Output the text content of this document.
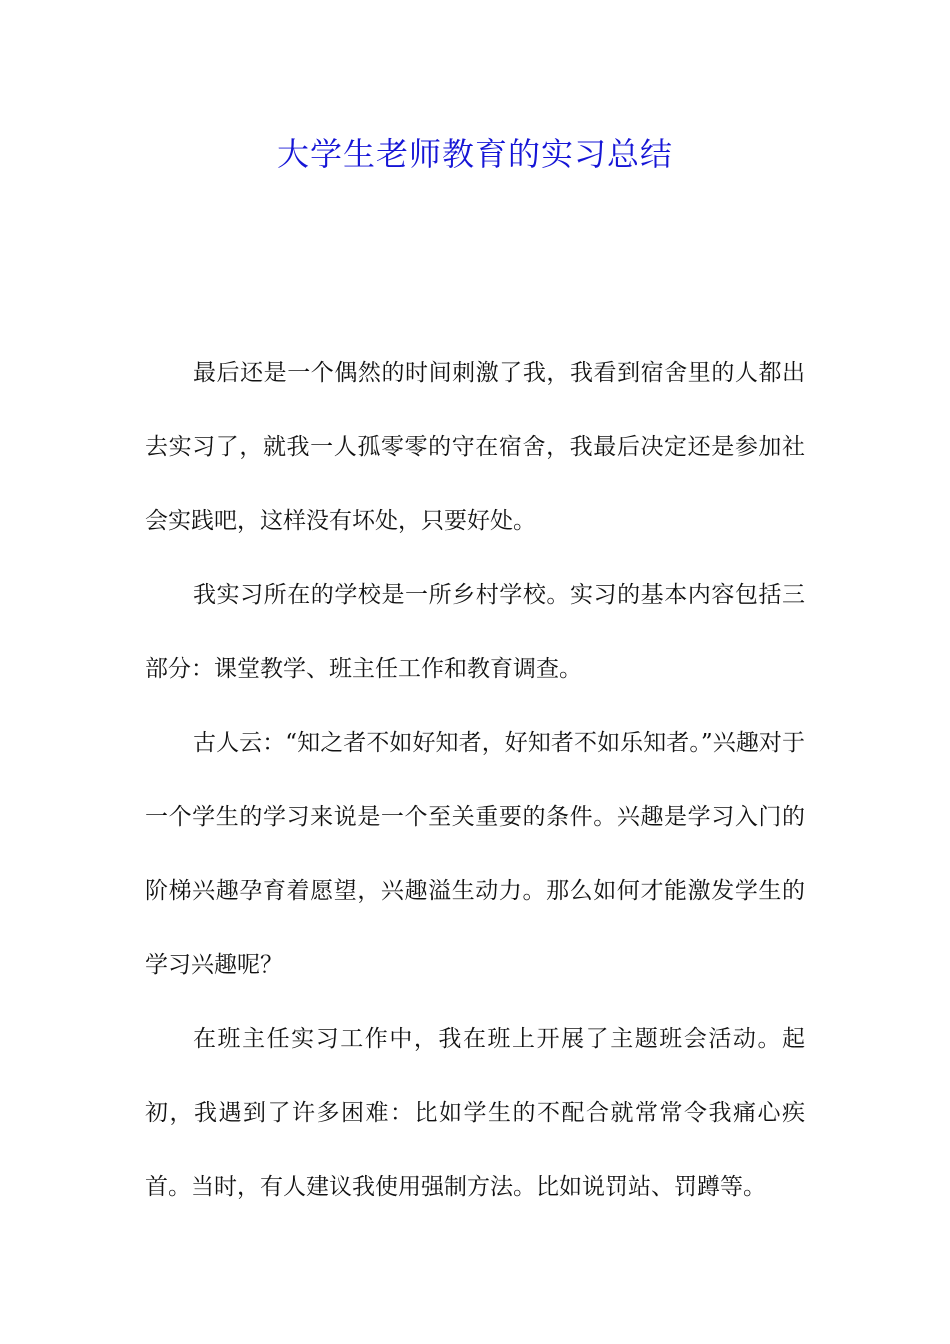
大学生老师教育的实习总结

最后还是一个偶然的时间刺激了我，我看到宿舍里的人都出去实习了，就我一人孤零零的守在宿舍，我最后决定还是参加社会实践吧，这样没有坏处，只要好处。

我实习所在的学校是一所乡村学校。实习的基本内容包括三部分：课堂教学、班主任工作和教育调查。

古人云：“知之者不如好知者，好知者不如乐知者。”兴趣对于一个学生的学习来说是一个至关重要的条件。兴趣是学习入门的阶梯兴趣孕育着愿望，兴趣溢生动力。那么如何才能激发学生的学习兴趣呢？

在班主任实习工作中，我在班上开展了主题班会活动。起初，我遇到了许多困难：比如学生的不配合就常常令我痛心疾首。当时，有人建议我使用强制方法。比如说罚站、罚蹲等。
